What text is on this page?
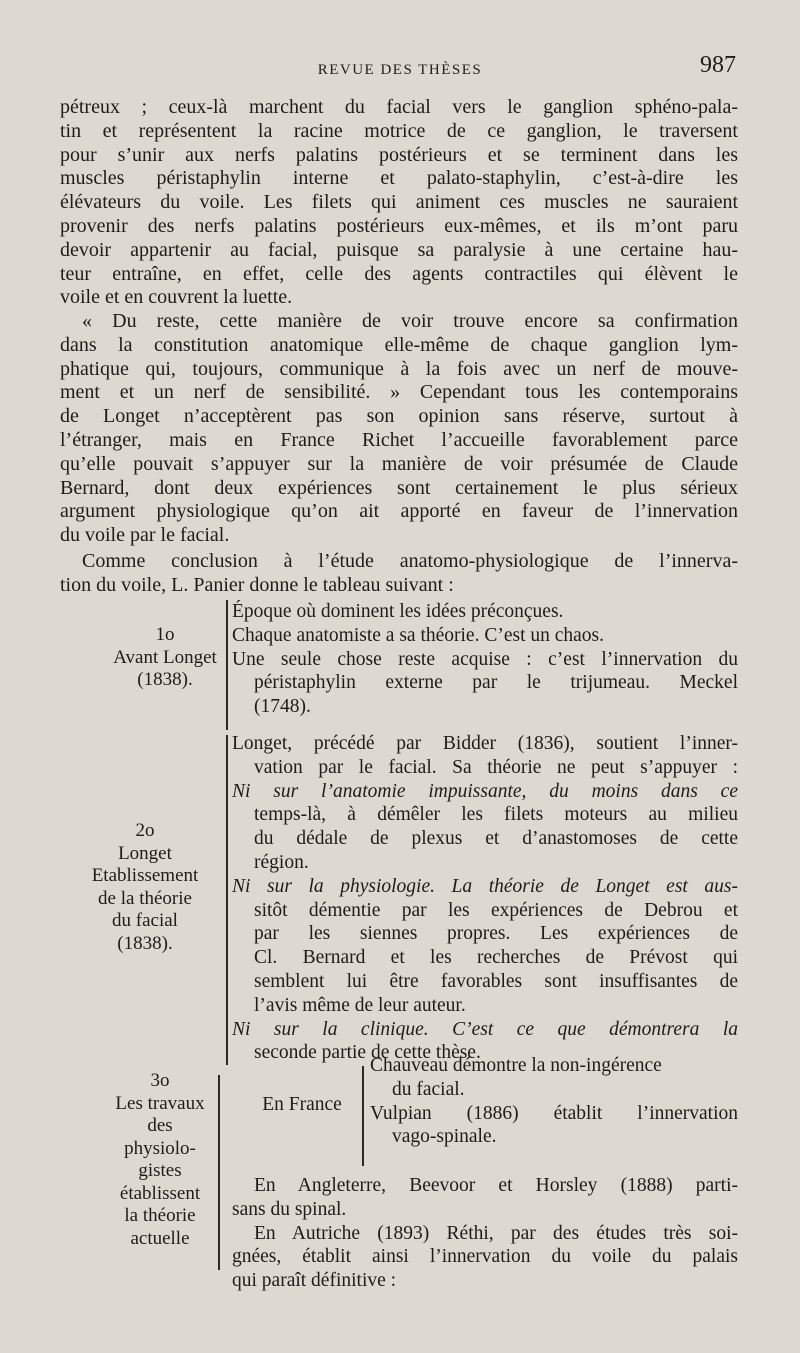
REVUE DES THÈSES	987
pétreux ; ceux-là marchent du facial vers le ganglion sphéno-pala-
tin et représentent la racine motrice de ce ganglion, le traversent
pour s’unir aux nerfs palatins postérieurs et se terminent dans les
muscles péristaphylin interne et palato-staphylin, c’est-à-dire les
élévateurs du voile. Les filets qui animent ces muscles ne sauraient
provenir des nerfs palatins postérieurs eux-mêmes, et ils m’ont paru
devoir appartenir au facial, puisque sa paralysie à une certaine hau-
teur entraîne, en effet, celle des agents contractiles qui élèvent le
voile et en couvrent la luette.
« Du reste, cette manière de voir trouve encore sa confirmation
dans la constitution anatomique elle-même de chaque ganglion lym-
phatique qui, toujours, communique à la fois avec un nerf de mouve-
ment et un nerf de sensibilité. » Cependant tous les contemporains
de Longet n’acceptèrent pas son opinion sans réserve, surtout à
l’étranger, mais en France Richet l’accueille favorablement parce
qu’elle pouvait s’appuyer sur la manière de voir présumée de Claude
Bernard, dont deux expériences sont certainement le plus sérieux
argument physiologique qu’on ait apporté en faveur de l’innervation
du voile par le facial.
Comme conclusion à l’étude anatomo-physiologique de l’innerva-
tion du voile, L. Panier donne le tableau suivant :
1o
Avant Longet
(1838).
Époque où dominent les idées préconçues.
Chaque anatomiste a sa théorie. C’est un chaos.
Une seule chose reste acquise : c’est l’innervation du
péristaphylin externe par le trijumeau. Meckel
(1748).
2o
Longet
Etablissement
de la théorie
du facial
(1838).
Longet, précédé par Bidder (1836), soutient l’inner-
vation par le facial. Sa théorie ne peut s’appuyer :
Ni sur l’anatomie impuissante, du moins dans ce
temps-là, à démêler les filets moteurs au milieu
du dédale de plexus et d’anastomoses de cette
région.
Ni sur la physiologie. La théorie de Longet est aus-
sitôt démentie par les expériences de Debrou et
par les siennes propres. Les expériences de
Cl. Bernard et les recherches de Prévost qui
semblent lui être favorables sont insuffisantes de
l’avis même de leur auteur.
Ni sur la clinique. C’est ce que démontrera la
seconde partie de cette thèse.
3o
Les travaux
des
physiolo-
gistes
établissent
la théorie
actuelle
En France
Chauveau démontre la non-ingérence
du facial.
Vulpian (1886) établit l’innervation
vago-spinale.
En Angleterre, Beevoor et Horsley (1888) parti-
sans du spinal.
En Autriche (1893) Réthi, par des études très soi-
gnées, établit ainsi l’innervation du voile du palais
qui paraît définitive :
